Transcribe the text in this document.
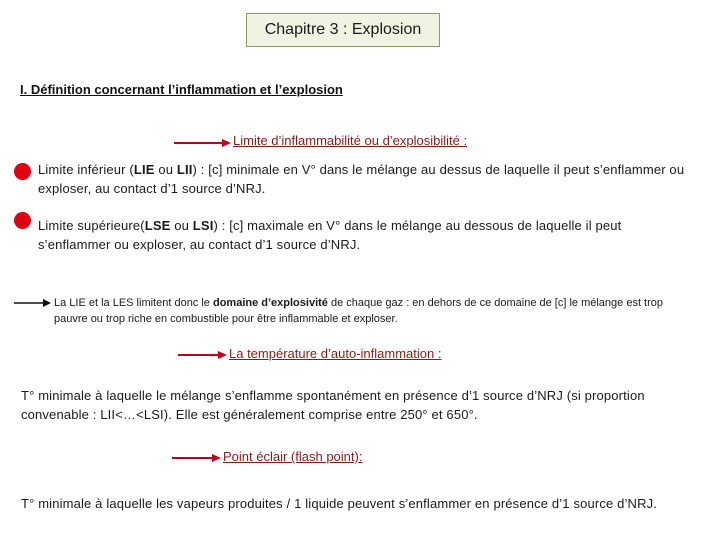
Chapitre 3 : Explosion
I. Définition concernant l’inflammation et l’explosion
Limite d’inflammabilité ou d’explosibilité :
Limite inférieur (LIE ou LII) : [c] minimale en V° dans le mélange au dessus de laquelle il peut s’enflammer ou exploser, au contact d’1 source d’NRJ.
Limite supérieure(LSE ou LSI) : [c] maximale en V° dans le mélange au dessous de laquelle il peut s’enflammer ou exploser, au contact d’1 source d’NRJ.
La LIE et la LES limitent donc le domaine d’explosivité de chaque gaz : en dehors de ce domaine de [c] le mélange est trop pauvre ou trop riche en combustible pour être inflammable et exploser.
La température d’auto-inflammation :
T° minimale à laquelle le mélange s’enflamme spontanément en présence d’1 source d’NRJ (si proportion convenable : LII<…<LSI). Elle est généralement comprise entre 250° et 650°.
Point éclair (flash point):
T° minimale à laquelle les vapeurs produites / 1 liquide peuvent s’enflammer en présence d’1 source d’NRJ.
